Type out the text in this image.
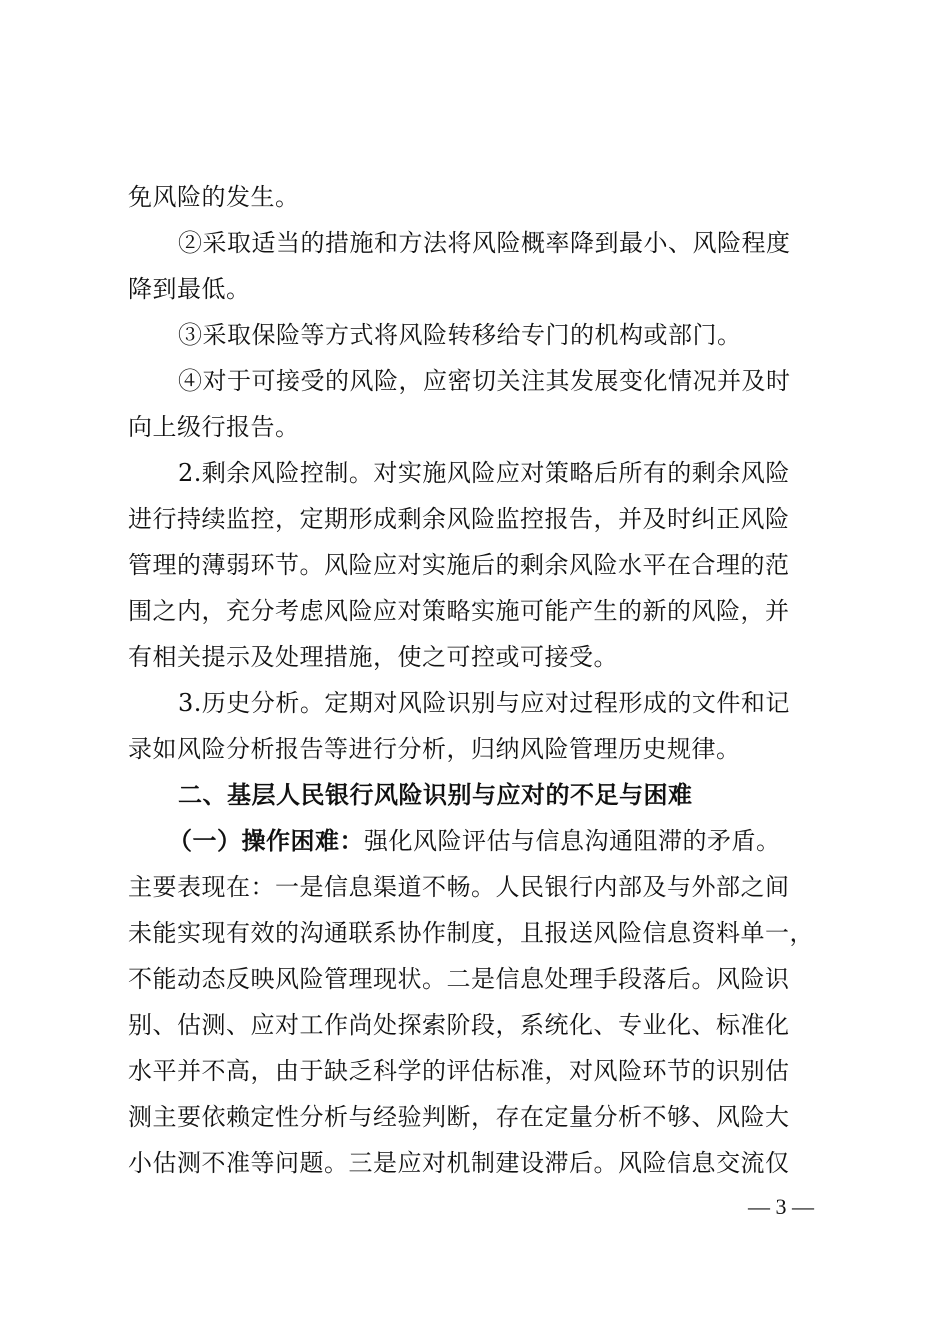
免风险的发生。
②采取适当的措施和方法将风险概率降到最小、风险程度
降到最低。
③采取保险等方式将风险转移给专门的机构或部门。
④对于可接受的风险，应密切关注其发展变化情况并及时
向上级行报告。
2.剩余风险控制。对实施风险应对策略后所有的剩余风险
进行持续监控，定期形成剩余风险监控报告，并及时纠正风险
管理的薄弱环节。风险应对实施后的剩余风险水平在合理的范
围之内，充分考虑风险应对策略实施可能产生的新的风险，并
有相关提示及处理措施，使之可控或可接受。
3.历史分析。定期对风险识别与应对过程形成的文件和记
录如风险分析报告等进行分析，归纳风险管理历史规律。
二、基层人民银行风险识别与应对的不足与困难
（一）操作困难：强化风险评估与信息沟通阻滞的矛盾。
主要表现在：一是信息渠道不畅。人民银行内部及与外部之间
未能实现有效的沟通联系协作制度，且报送风险信息资料单一，
不能动态反映风险管理现状。二是信息处理手段落后。风险识
别、估测、应对工作尚处探索阶段，系统化、专业化、标准化
水平并不高，由于缺乏科学的评估标准，对风险环节的识别估
测主要依赖定性分析与经验判断，存在定量分析不够、风险大
小估测不准等问题。三是应对机制建设滞后。风险信息交流仅
— 3 —
